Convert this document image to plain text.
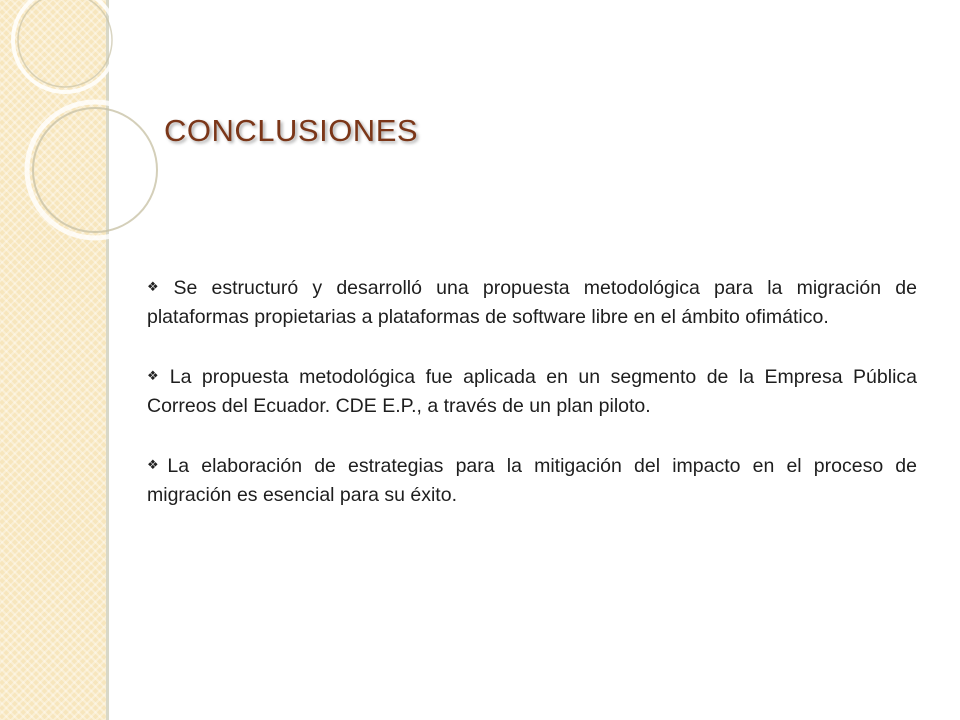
CONCLUSIONES

❖ Se estructuró y desarrolló una propuesta metodológica para la migración de plataformas propietarias a plataformas de software libre en el ámbito ofimático.

❖ La propuesta metodológica fue aplicada en un segmento de la Empresa Pública Correos del Ecuador. CDE E.P., a través de un plan piloto.

❖ La elaboración de estrategias para la mitigación del impacto en el proceso de migración es esencial para su éxito.
